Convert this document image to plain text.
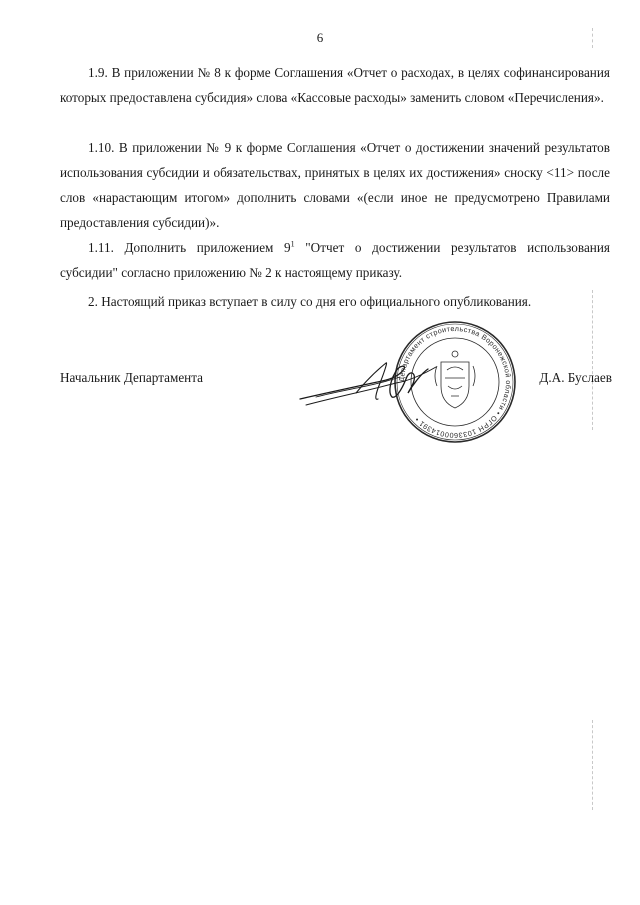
6

1.9. В приложении № 8 к форме Соглашения «Отчет о расходах, в целях софинансирования которых предоставлена субсидия» слова «Кассовые расходы» заменить словом «Перечисления».

1.10. В приложении № 9 к форме Соглашения «Отчет о достижении значений результатов использования субсидии и обязательствах, принятых в целях их достижения» сноску <11> после слов «нарастающим итогом» дополнить словами «(если иное не предусмотрено Правилами предоставления субсидии)».

1.11. Дополнить приложением $9^1$ "Отчет о достижении результатов использования субсидии" согласно приложению № 2 к настоящему приказу.

2. Настоящий приказ вступает в силу со дня его официального опубликования.

Начальник Департамента	Д.А. Буслаев
Департамент строительства Воронежской области • ОГРН 1033600014391 •
